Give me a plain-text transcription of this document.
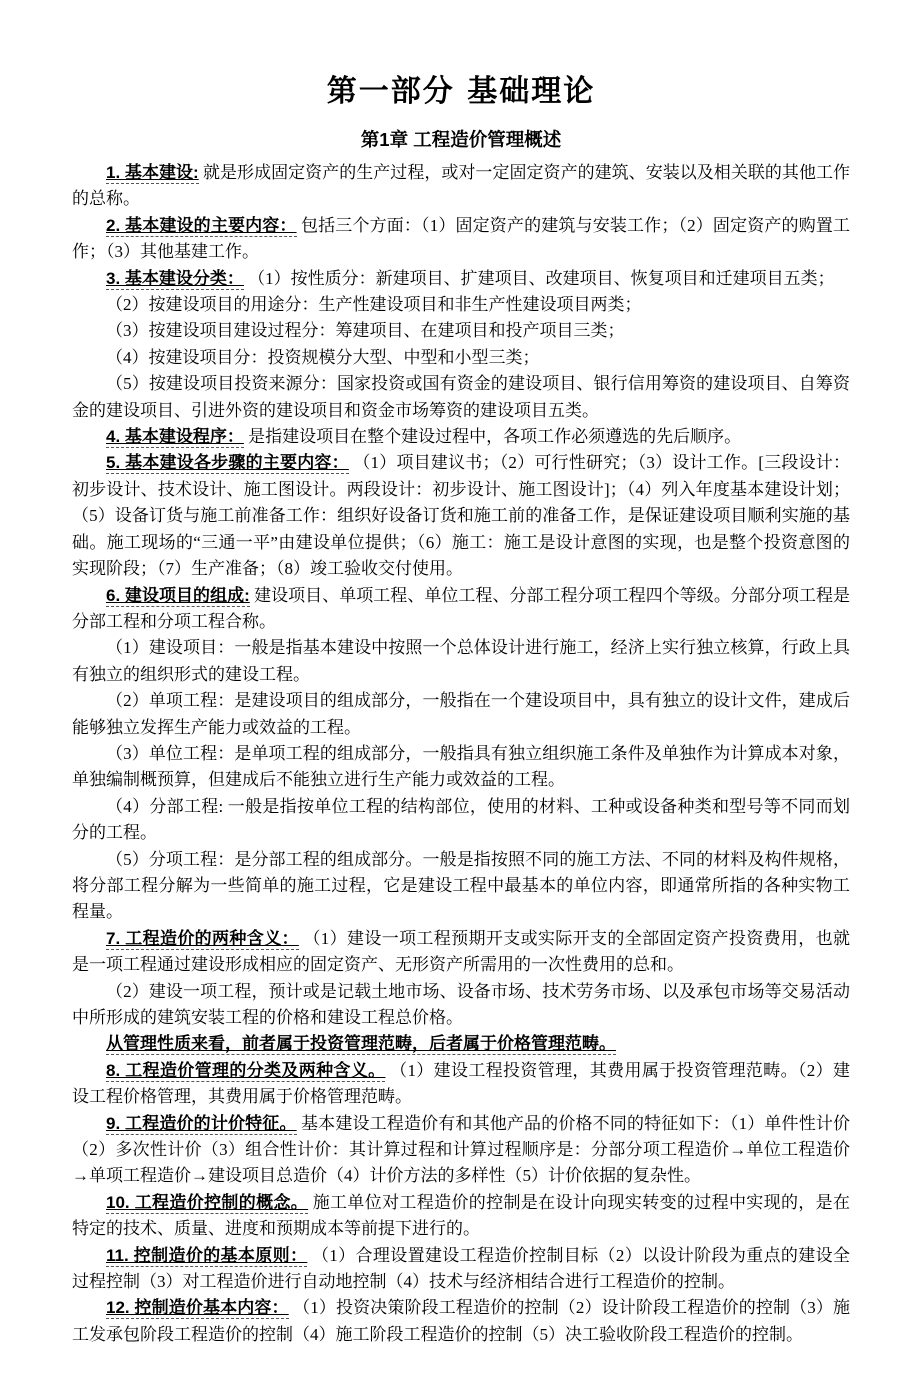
第一部分 基础理论
第1章 工程造价管理概述

1. 基本建设: 就是形成固定资产的生产过程，或对一定固定资产的建筑、安装以及相关联的其他工作的总称。

2. 基本建设的主要内容： 包括三个方面：（1）固定资产的建筑与安装工作；（2）固定资产的购置工作；（3）其他基建工作。

3. 基本建设分类： （1）按性质分：新建项目、扩建项目、改建项目、恢复项目和迁建项目五类；

（2）按建设项目的用途分：生产性建设项目和非生产性建设项目两类；

（3）按建设项目建设过程分：筹建项目、在建项目和投产项目三类；

（4）按建设项目分：投资规模分大型、中型和小型三类；

（5）按建设项目投资来源分：国家投资或国有资金的建设项目、银行信用筹资的建设项目、自筹资金的建设项目、引进外资的建设项目和资金市场筹资的建设项目五类。

4. 基本建设程序： 是指建设项目在整个建设过程中，各项工作必须遵选的先后顺序。

5. 基本建设各步骤的主要内容： （1）项目建议书；（2）可行性研究；（3）设计工作。[三段设计：初步设计、技术设计、施工图设计。两段设计：初步设计、施工图设计]；（4）列入年度基本建设计划；（5）设备订货与施工前准备工作：组织好设备订货和施工前的准备工作，是保证建设项目顺利实施的基础。施工现场的“三通一平”由建设单位提供；（6）施工：施工是设计意图的实现，也是整个投资意图的实现阶段；（7）生产准备；（8）竣工验收交付使用。

6. 建设项目的组成: 建设项目、单项工程、单位工程、分部工程分项工程四个等级。分部分项工程是分部工程和分项工程合称。

（1）建设项目：一般是指基本建设中按照一个总体设计进行施工，经济上实行独立核算，行政上具有独立的组织形式的建设工程。

（2）单项工程：是建设项目的组成部分，一般指在一个建设项目中，具有独立的设计文件，建成后能够独立发挥生产能力或效益的工程。

（3）单位工程：是单项工程的组成部分，一般指具有独立组织施工条件及单独作为计算成本对象，单独编制概预算，但建成后不能独立进行生产能力或效益的工程。

（4）分部工程: 一般是指按单位工程的结构部位，使用的材料、工种或设备种类和型号等不同而划分的工程。

（5）分项工程：是分部工程的组成部分。一般是指按照不同的施工方法、不同的材料及构件规格，将分部工程分解为一些简单的施工过程，它是建设工程中最基本的单位内容，即通常所指的各种实物工程量。

7. 工程造价的两种含义： （1）建设一项工程预期开支或实际开支的全部固定资产投资费用，也就是一项工程通过建设形成相应的固定资产、无形资产所需用的一次性费用的总和。

（2）建设一项工程，预计或是记载土地市场、设备市场、技术劳务市场、以及承包市场等交易活动中所形成的建筑安装工程的价格和建设工程总价格。

从管理性质来看，前者属于投资管理范畴，后者属于价格管理范畴。

8. 工程造价管理的分类及两种含义。 （1）建设工程投资管理，其费用属于投资管理范畴。（2）建设工程价格管理，其费用属于价格管理范畴。

9. 工程造价的计价特征。 基本建设工程造价有和其他产品的价格不同的特征如下：（1）单件性计价（2）多次性计价（3）组合性计价：其计算过程和计算过程顺序是：分部分项工程造价→单位工程造价→单项工程造价→建设项目总造价（4）计价方法的多样性（5）计价依据的复杂性。

10. 工程造价控制的概念。 施工单位对工程造价的控制是在设计向现实转变的过程中实现的，是在特定的技术、质量、进度和预期成本等前提下进行的。

11. 控制造价的基本原则： （1）合理设置建设工程造价控制目标（2）以设计阶段为重点的建设全过程控制（3）对工程造价进行自动地控制（4）技术与经济相结合进行工程造价的控制。

12. 控制造价基本内容： （1）投资决策阶段工程造价的控制（2）设计阶段工程造价的控制（3）施工发承包阶段工程造价的控制（4）施工阶段工程造价的控制（5）决工验收阶段工程造价的控制。
